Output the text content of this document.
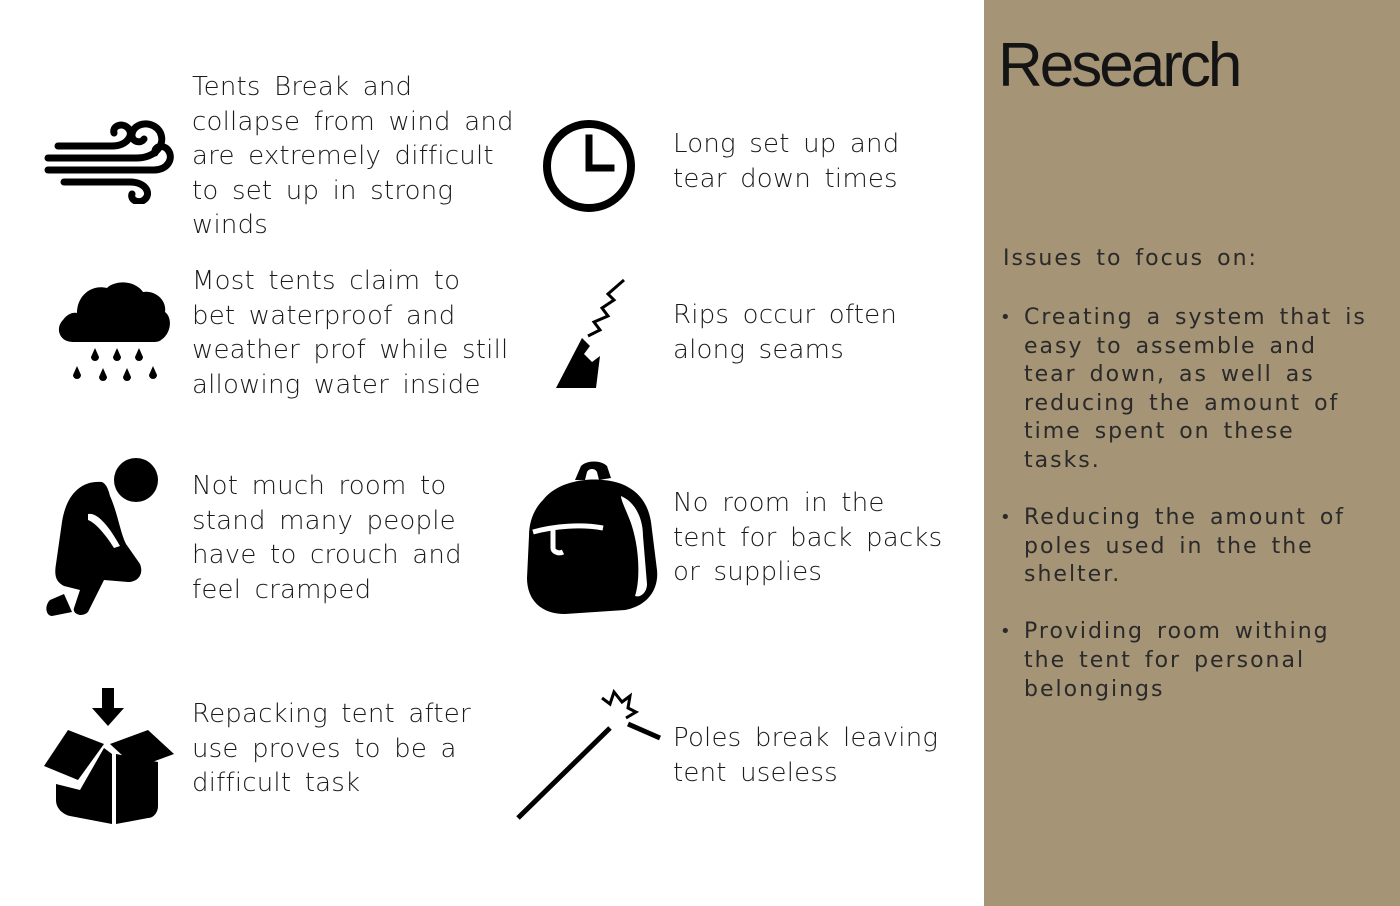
Tents Break and
collapse from wind and
are extremely difficult
to set up in strong
winds
Most tents claim to
bet waterproof and
weather prof while still
allowing water inside
Not much room to
stand many people
have to crouch and
feel cramped
Repacking tent after
use proves to be a
difficult task
Long set up and
tear down times
Rips occur often
along seams
No room in the
tent for back packs
or supplies
Poles break leaving
tent useless
Research
Issues to focus on:
• Creating a system that is easy to assemble and tear down, as well as reducing the amount of time spent on these tasks.
• Reducing the amount of poles used in the the shelter.
• Providing room withing the tent for personal belongings
